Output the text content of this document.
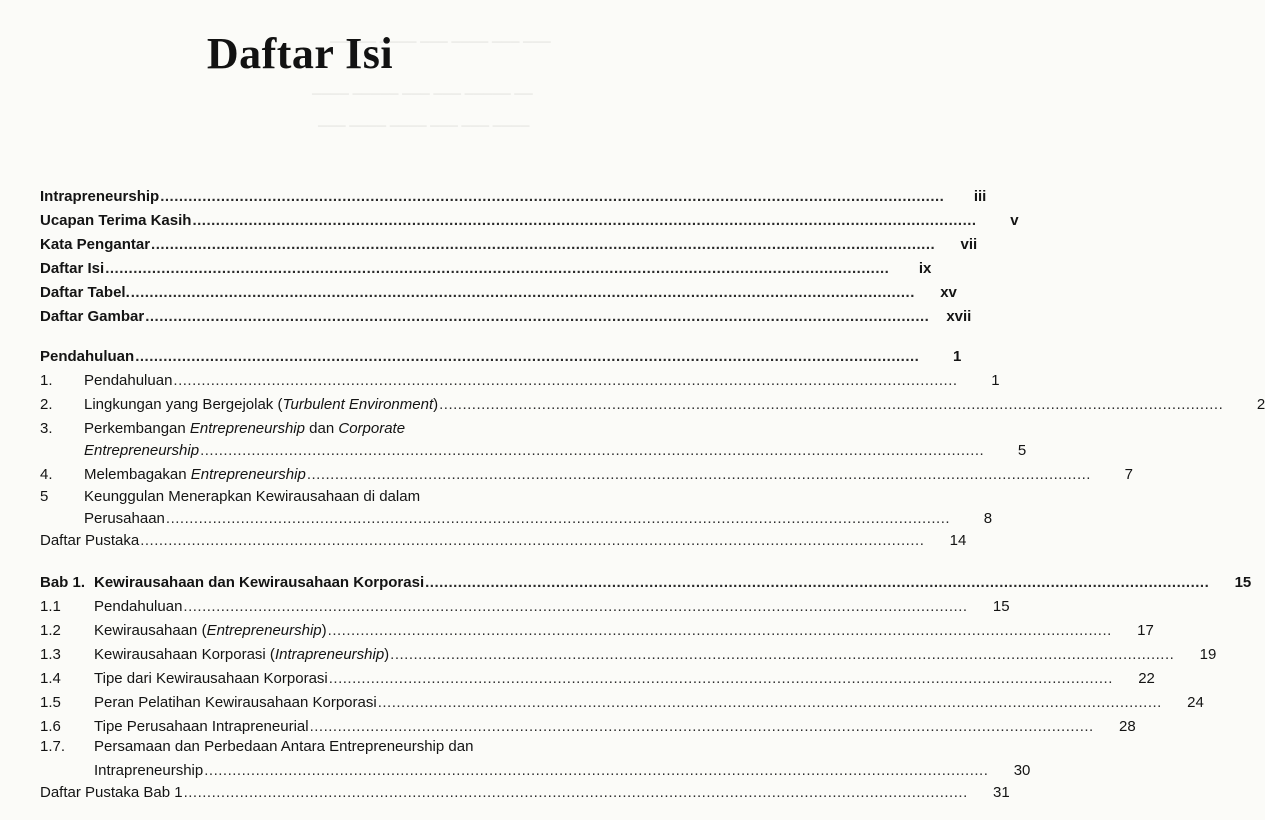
───── ──── ─── ──── ─── ───
──── ───── ─── ─── ───── ──
─── ──── ──── ─── ─── ────
Daftar Isi
Intrapreneurship ........................................................................................................................................................................	iii
Ucapan Terima Kasih ........................................................................................................................................................................	v
Kata Pengantar ........................................................................................................................................................................	vii
Daftar Isi ........................................................................................................................................................................	ix
Daftar Tabel. ........................................................................................................................................................................	xv
Daftar Gambar ........................................................................................................................................................................	xvii
Pendahuluan ........................................................................................................................................................................	1
1.	Pendahuluan ........................................................................................................................................................................	1
2.	Lingkungan yang Bergejolak (Turbulent Environment) ........................................................................................................................................................................	2
3.	Perkembangan Entrepreneurship dan Corporate
Entrepreneurship ........................................................................................................................................................................	5
4.	Melembagakan Entrepreneurship ........................................................................................................................................................................	7
5	Keunggulan Menerapkan Kewirausahaan di dalam
Perusahaan ........................................................................................................................................................................	8
Daftar Pustaka ........................................................................................................................................................................	14
Bab 1. Kewirausahaan dan Kewirausahaan Korporasi ........................................................................................................................................................................	15
1.1	Pendahuluan ........................................................................................................................................................................	15
1.2	Kewirausahaan (Entrepreneurship) ........................................................................................................................................................................	17
1.3	Kewirausahaan Korporasi (Intrapreneurship) ........................................................................................................................................................................	19
1.4	Tipe dari Kewirausahaan Korporasi ........................................................................................................................................................................	22
1.5	Peran Pelatihan Kewirausahaan Korporasi ........................................................................................................................................................................	24
1.6	Tipe Perusahaan Intrapreneurial ........................................................................................................................................................................	28
1.7.	Persamaan dan Perbedaan Antara Entrepreneurship dan
Intrapreneurship ........................................................................................................................................................................	30
Daftar Pustaka Bab 1 ........................................................................................................................................................................	31
